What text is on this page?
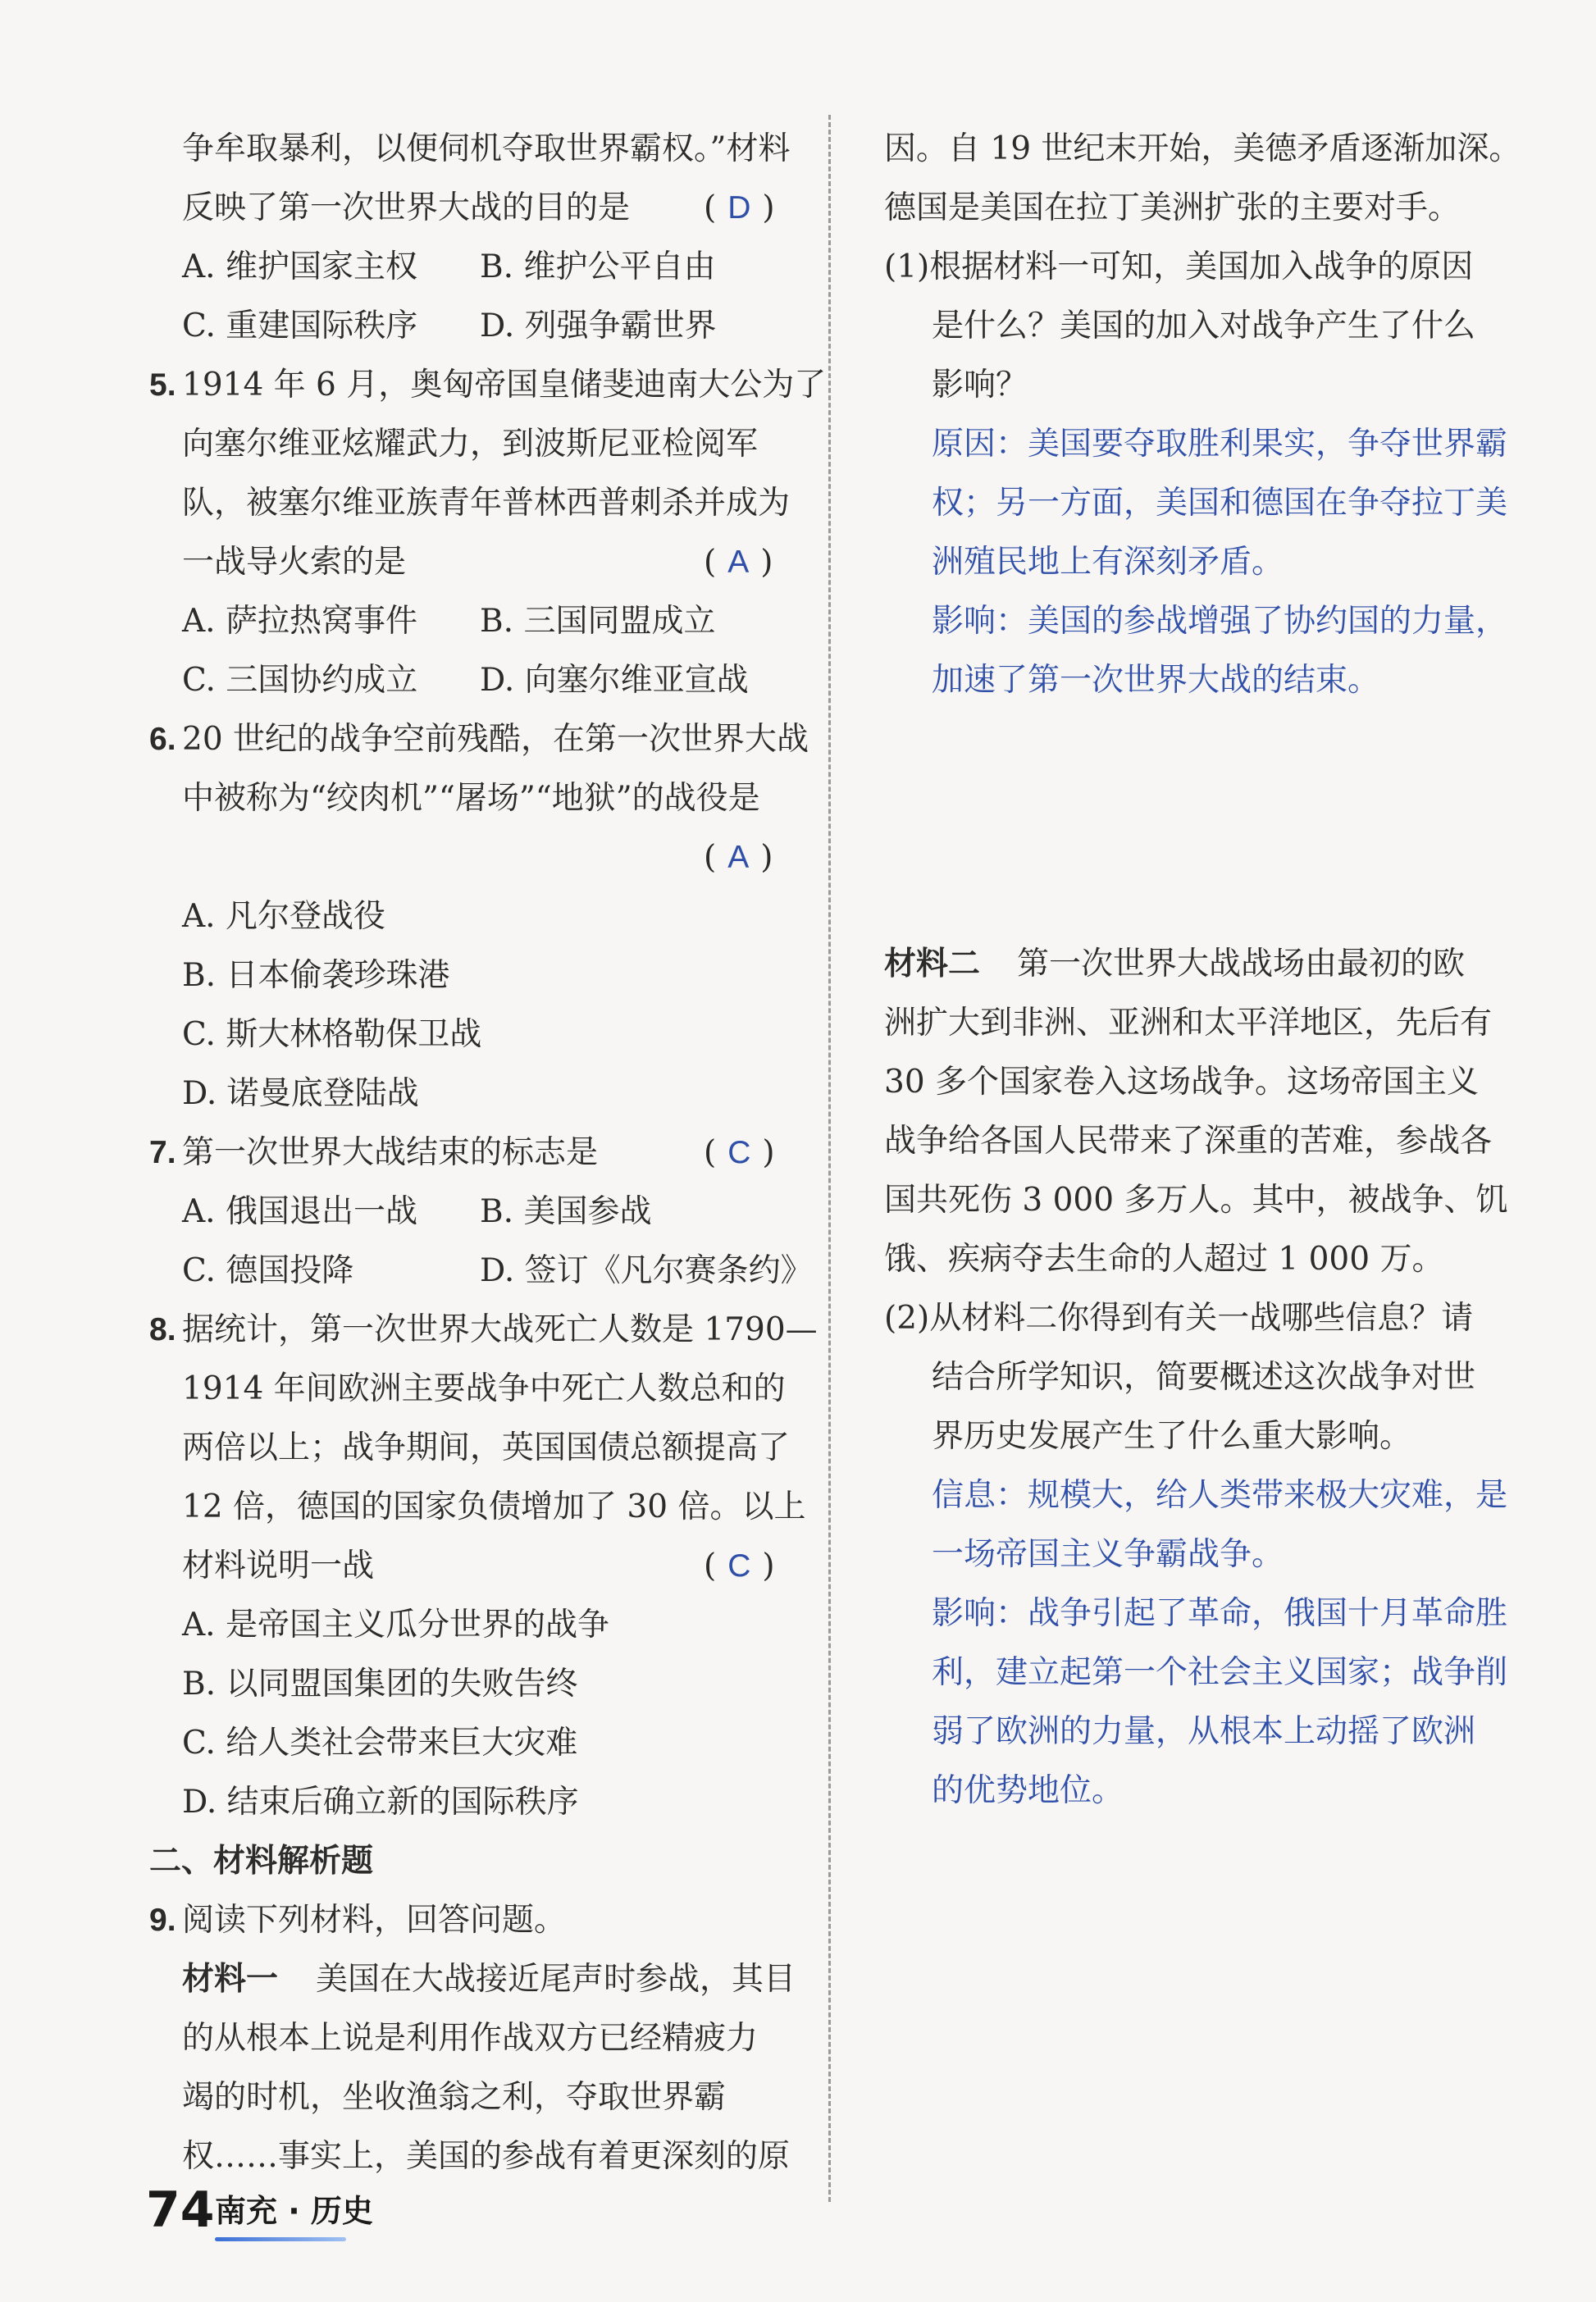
争牟取暴利，以便伺机夺取世界霸权。”材料
反映了第一次世界大战的目的是 ( D )
A. 维护国家主权 B. 维护公平自由
C. 重建国际秩序 D. 列强争霸世界
5. 1914 年 6 月，奥匈帝国皇储斐迪南大公为了
向塞尔维亚炫耀武力，到波斯尼亚检阅军
队，被塞尔维亚族青年普林西普刺杀并成为
一战导火索的是	( A )
A. 萨拉热窝事件 B. 三国同盟成立
C. 三国协约成立 D. 向塞尔维亚宣战
6. 20 世纪的战争空前残酷，在第一次世界大战
中被称为“绞肉机”“屠场”“地狱”的战役是
( A )
A. 凡尔登战役
B. 日本偷袭珍珠港
C. 斯大林格勒保卫战
D. 诺曼底登陆战
7. 第一次世界大战结束的标志是	( C )
A. 俄国退出一战 B. 美国参战
C. 德国投降	D. 签订《凡尔赛条约》
8. 据统计，第一次世界大战死亡人数是 1790—
1914 年间欧洲主要战争中死亡人数总和的
两倍以上；战争期间，英国国债总额提高了
12 倍，德国的国家负债增加了 30 倍。以上
材料说明一战	( C )
A. 是帝国主义瓜分世界的战争
B. 以同盟国集团的失败告终
C. 给人类社会带来巨大灾难
D. 结束后确立新的国际秩序
二、材料解析题
9. 阅读下列材料，回答问题。
材料一 美国在大战接近尾声时参战，其目
的从根本上说是利用作战双方已经精疲力
竭的时机，坐收渔翁之利，夺取世界霸
权……事实上，美国的参战有着更深刻的原
因。自 19 世纪末开始，美德矛盾逐渐加深。
德国是美国在拉丁美洲扩张的主要对手。
(1)根据材料一可知，美国加入战争的原因
是什么？美国的加入对战争产生了什么
影响？
原因：美国要夺取胜利果实，争夺世界霸
权；另一方面，美国和德国在争夺拉丁美
洲殖民地上有深刻矛盾。
影响：美国的参战增强了协约国的力量，
加速了第一次世界大战的结束。
材料二 第一次世界大战战场由最初的欧
洲扩大到非洲、亚洲和太平洋地区，先后有
30 多个国家卷入这场战争。这场帝国主义
战争给各国人民带来了深重的苦难，参战各
国共死伤 3 000 多万人。其中，被战争、饥
饿、疾病夺去生命的人超过 1 000 万。
(2)从材料二你得到有关一战哪些信息？请
结合所学知识，简要概述这次战争对世
界历史发展产生了什么重大影响。
信息：规模大，给人类带来极大灾难，是
一场帝国主义争霸战争。
影响：战争引起了革命，俄国十月革命胜
利，建立起第一个社会主义国家；战争削
弱了欧洲的力量，从根本上动摇了欧洲
的优势地位。
74 南充 · 历史
